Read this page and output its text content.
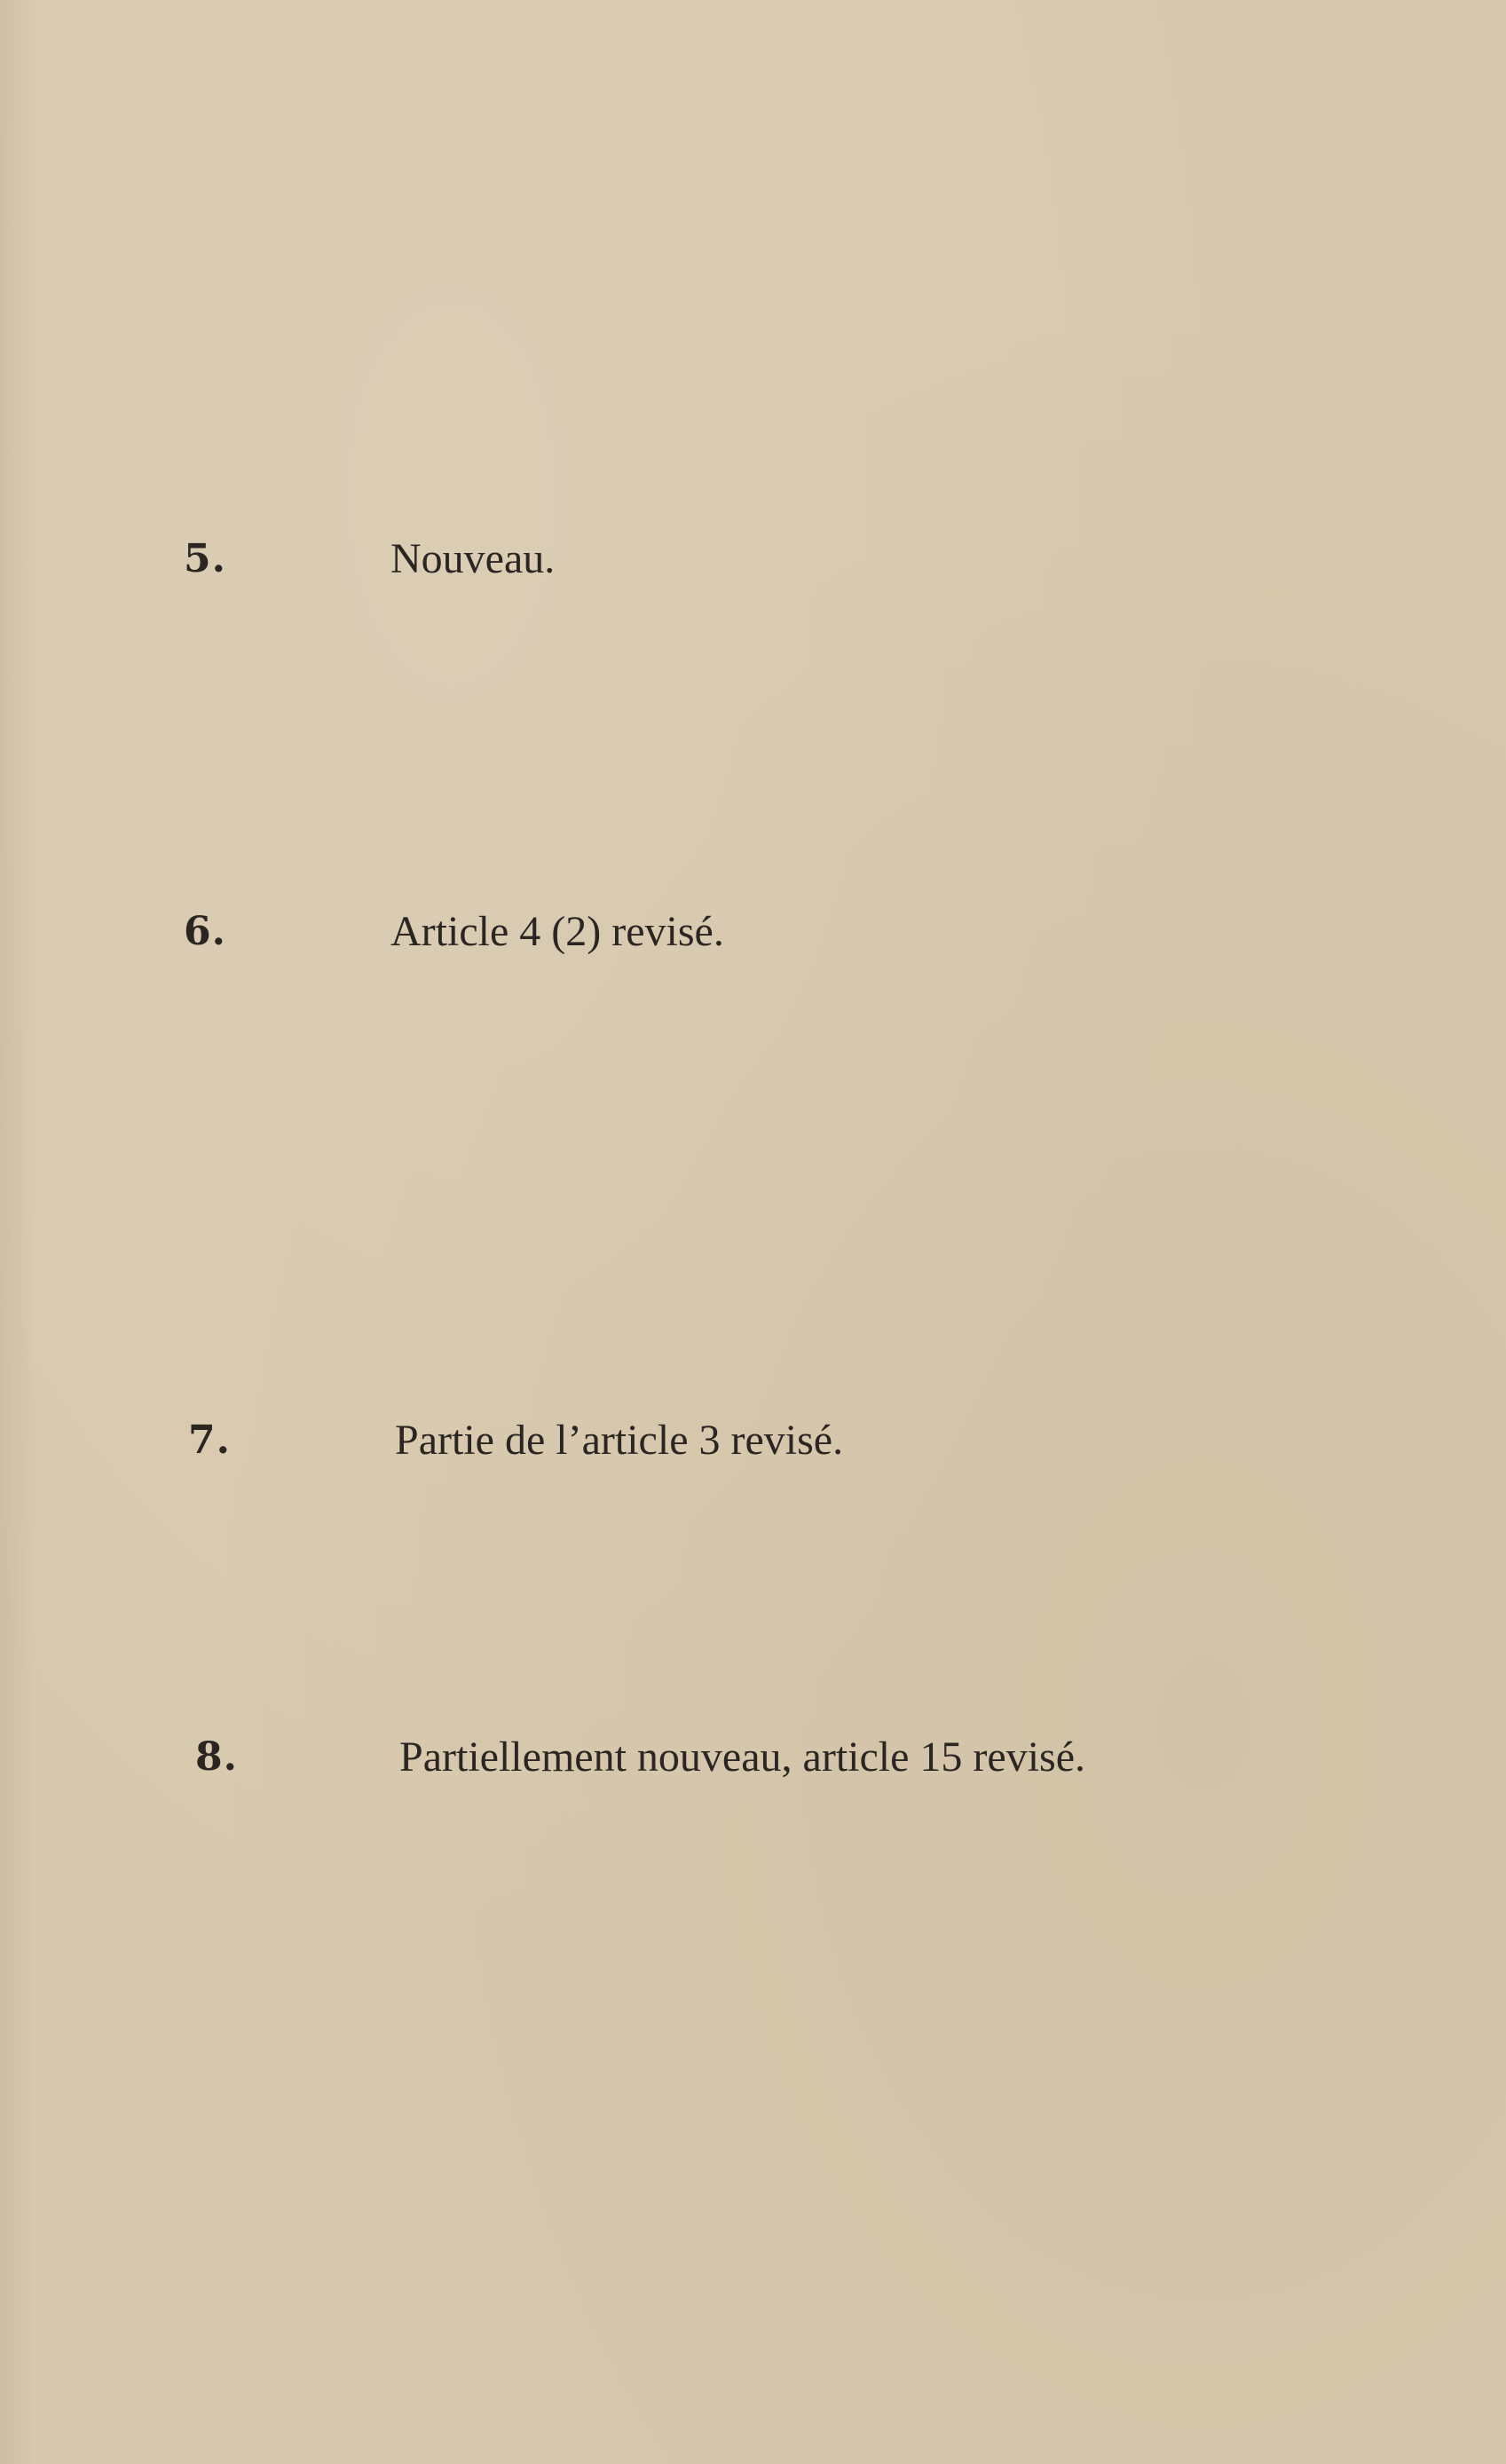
5.	Nouveau.
6.	Article 4 (2) revisé.
7.	Partie de l’article 3 revisé.
8.	Partiellement nouveau, article 15 revisé.
